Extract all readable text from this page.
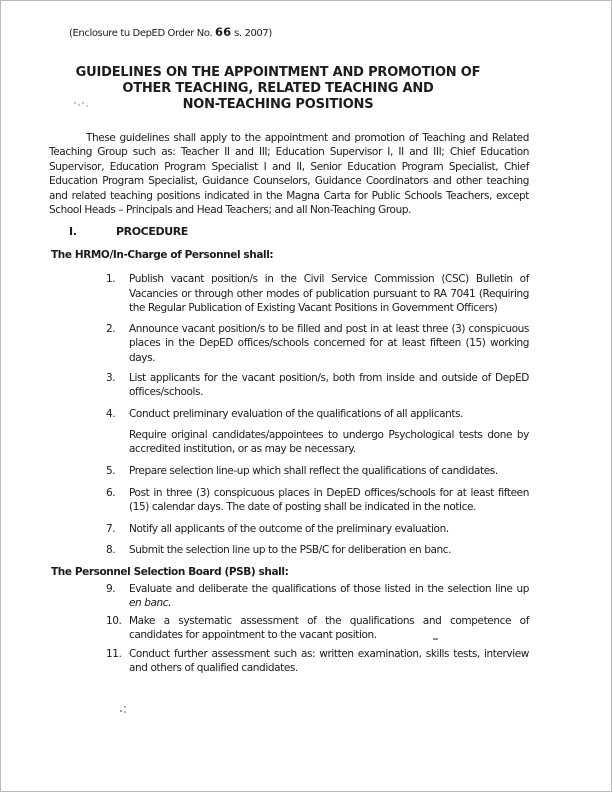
(Enclosure tu DepED Order No. 66 s. 2007)
GUIDELINES ON THE APPOINTMENT AND PROMOTION OF
OTHER TEACHING, RELATED TEACHING AND
NON-TEACHING POSITIONS

These guidelines shall apply to the appointment and promotion of Teaching and Related Teaching Group such as: Teacher II and III; Education Supervisor I, II and III; Chief Education Supervisor, Education Program Specialist I and II, Senior Education Program Specialist, Chief Education Program Specialist, Guidance Counselors, Guidance Coordinators and other teaching and related teaching positions indicated in the Magna Carta for Public Schools Teachers, except School Heads – Principals and Head Teachers; and all Non-Teaching Group.

I.	PROCEDURE
The HRMO/In-Charge of Personnel shall:
1.	Publish vacant position/s in the Civil Service Commission (CSC) Bulletin of Vacancies or through other modes of publication pursuant to RA 7041 (Requiring the Regular Publication of Existing Vacant Positions in Government Officers)
2.	Announce vacant position/s to be filled and post in at least three (3) conspicuous places in the DepED offices/schools concerned for at least fifteen (15) working days.
3.	List applicants for the vacant position/s, both from inside and outside of DepED offices/schools.
4.	Conduct preliminary evaluation of the qualifications of all applicants.
Require original candidates/appointees to undergo Psychological tests done by accredited institution, or as may be necessary.
5.	Prepare selection line-up which shall reflect the qualifications of candidates.
6.	Post in three (3) conspicuous places in DepED offices/schools for at least fifteen (15) calendar days. The date of posting shall be indicated in the notice.
7.	Notify all applicants of the outcome of the preliminary evaluation.
8.	Submit the selection line up to the PSB/C for deliberation en banc.
The Personnel Selection Board (PSB) shall:
9.	Evaluate and deliberate the qualifications of those listed in the selection line up en banc.
10. Make a systematic assessment of the qualifications and competence of candidates for appointment to the vacant position.
11. Conduct further assessment such as: written examination, skills tests, interview and others of qualified candidates.
